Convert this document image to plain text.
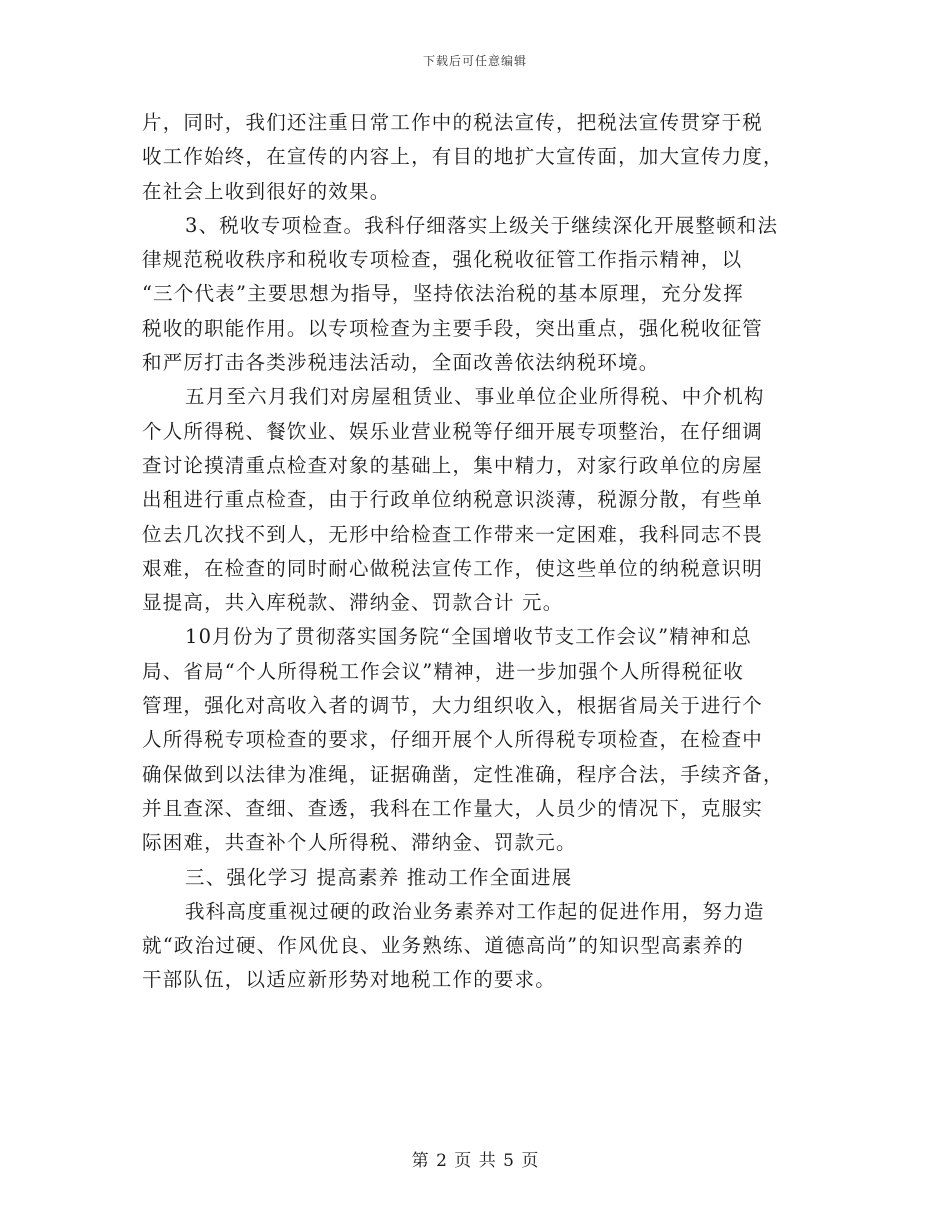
下载后可任意编辑
片，同时，我们还注重日常工作中的税法宣传，把税法宣传贯穿于税
收工作始终，在宣传的内容上，有目的地扩大宣传面，加大宣传力度，
在社会上收到很好的效果。
3、税收专项检查。我科仔细落实上级关于继续深化开展整顿和法
律规范税收秩序和税收专项检查，强化税收征管工作指示精神，以
“三个代表”主要思想为指导，坚持依法治税的基本原理，充分发挥
税收的职能作用。以专项检查为主要手段，突出重点，强化税收征管
和严厉打击各类涉税违法活动，全面改善依法纳税环境。
五月至六月我们对房屋租赁业、事业单位企业所得税、中介机构
个人所得税、餐饮业、娱乐业营业税等仔细开展专项整治，在仔细调
查讨论摸清重点检查对象的基础上，集中精力，对家行政单位的房屋
出租进行重点检查，由于行政单位纳税意识淡薄，税源分散，有些单
位去几次找不到人，无形中给检查工作带来一定困难，我科同志不畏
艰难，在检查的同时耐心做税法宣传工作，使这些单位的纳税意识明
显提高，共入库税款、滞纳金、罚款合计 元。
10月份为了贯彻落实国务院“全国增收节支工作会议”精神和总
局、省局“个人所得税工作会议”精神，进一步加强个人所得税征收
管理，强化对高收入者的调节，大力组织收入，根据省局关于进行个
人所得税专项检查的要求，仔细开展个人所得税专项检查，在检查中
确保做到以法律为准绳，证据确凿，定性准确，程序合法，手续齐备，
并且查深、查细、查透，我科在工作量大，人员少的情况下，克服实
际困难，共查补个人所得税、滞纳金、罚款元。
三、强化学习 提高素养 推动工作全面进展
我科高度重视过硬的政治业务素养对工作起的促进作用，努力造
就“政治过硬、作风优良、业务熟练、道德高尚”的知识型高素养的
干部队伍，以适应新形势对地税工作的要求。
第 2 页 共 5 页
